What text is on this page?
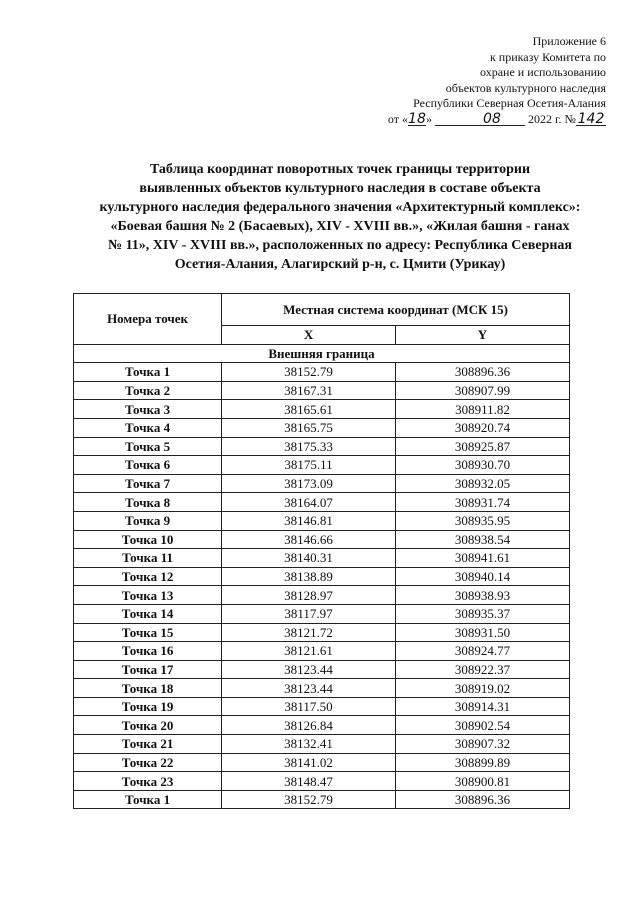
Приложение 6
к приказу Комитета по
охране и использованию
объектов культурного наследия
Республики Северная Осетия-Алания
от «18»	08 2022 г. № 142
Таблица координат поворотных точек границы территории
выявленных объектов культурного наследия в составе объекта
культурного наследия федерального значения «Архитектурный комплекс»:
«Боевая башня № 2 (Басаевых), XIV - XVIII вв.», «Жилая башня - ганах
№ 11», XIV - XVIII вв.», расположенных по адресу: Республика Северная
Осетия-Алания, Алагирский р-н, с. Цмити (Урикау)
Номера точек	Местная система координат (МСК 15)	
	X	Y
Внешняя граница		
Точка 1	38152.79	308896.36
Точка 2	38167.31	308907.99
Точка 3	38165.61	308911.82
Точка 4	38165.75	308920.74
Точка 5	38175.33	308925.87
Точка 6	38175.11	308930.70
Точка 7	38173.09	308932.05
Точка 8	38164.07	308931.74
Точка 9	38146.81	308935.95
Точка 10	38146.66	308938.54
Точка 11	38140.31	308941.61
Точка 12	38138.89	308940.14
Точка 13	38128.97	308938.93
Точка 14	38117.97	308935.37
Точка 15	38121.72	308931.50
Точка 16	38121.61	308924.77
Точка 17	38123.44	308922.37
Точка 18	38123.44	308919.02
Точка 19	38117.50	308914.31
Точка 20	38126.84	308902.54
Точка 21	38132.41	308907.32
Точка 22	38141.02	308899.89
Точка 23	38148.47	308900.81
Точка 1	38152.79	308896.36
